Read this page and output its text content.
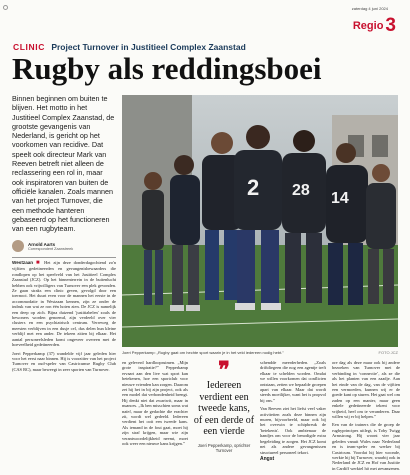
zaterdag 4 juni 2024
Regio 3
CLINIC Project Turnover in Justitieel Complex Zaanstad
Rugby als reddingsboei

Binnen beginnen om buiten te blijven. Het motto in het Justitieel Complex Zaanstad, de grootste gevangenis van Nederland, is gericht op het voorkomen van recidive. Dat speelt ook directeur Mark van Reeven betreft niet alleen de reclassering een rol in, maar ook inspiratoren van buiten de officiële kanalen. Zoals mannen van het project Turnover, die een methode hanteren gebaseerd op het functioneren van een rugbyteam.

Arnold Aarts
Correspondent Zaanstreek
2 28 14
Joeri Pepperkamp: „Rugby gaat om hechte sport waarin je in het veld iedereen nodig hebt."	FOTO JCZ

Westzaan ■ Het zijn deze donderdagochtend zo'n vijftien gedetineerden en gevangenisbewaarders die rondlopen op het speelveld van het Justitieel Complex Zaanstad (JCZ). Op het binnenterrein in de buitenlucht hebben ook vrijwilligers van Turnover een plek gevonden. Ze gaan straks een clinic geven, gevolgd door een toernooi. Het duurt even voor de mannen het eerste in de accommodatie in Westzaan kennen, zijn ze onder de indruk van wat ze ron één hoten zien. De JCZ is namelijk een deep op zich. Bijna duizend 'justitiabelen' zoals de bewoners worden genoemd, zijn verdeeld over vier clusters en een psychiatrisch centrum. Verreweg de meesten verblijven in een dusje cel, dus delen hun kleine verblijf met een ander. De tekeen zitten bij elkaar. Het aantal personeelsleden komt ongeveer overeen met de hoeveelheid gedetineerden.

Joeri Pepperkamp (37) wandelde vijf jaar geleden hier voor het eerst naar binnen. Hij is voorzitter van het project Turnover en oud-speler van Castricumse Rugby Club (CAS RC), maar beweegt in zeer sporten van Turnover.

en geleverd hardloopruimen. „Mijn grote inspiratie?” Pepperkamp ervaart aan den live wat sport kan betekenen, hoe een sportclub voor nieuwe vrienden kan zorgen. Daarom zet hij het in bij zijn project, ook als een model dat verbondenheid brengt. Hij denkt niet dat zwartwit, maar in nuances. „Ik ben misschien soms wat naïef, maar de gedachte die erachter zit, wordt wel gedeeld. Iedereen verdient het ooit een tweede kans. Als iemand in de fout gaat, moet hij zijn straf krijgen, maar wie zijn verantwoordelijkheid neemt, moet ook weer een nieuwe kans krijgen.”

❞
Iedereen verdient een tweede kans, of een derde of een vierde
Joeri Pepperkamp, oprichter Turnover

schendde meerderheden. „Zoals driftdiegeen die nog een agentje treft elkaar te schelden worden. Omdat we willen voorkomen dat conflicten ontstaan, zetten we bepaalde groepen apart van elkaar. Maar dat wordt steeds moeilijker, want het is propvol bij ons.”

Van Reeven ziet het liefst veel vaker activiteiten zoals deze binnen zijn muren, bijvoorbeeld, maar ook bij het overwin te schipbreuk de 'betekenis'. Ook ambtenaar de handjes om voor de benodigde extra begeleiding te zorgen. Het JCZ komt net als andere gevangenissen structureel personeel tekort.

Angst

ore dag als deze maar ook bij andere bezoeken van Turnover met de verbinding in ‘connectie’, als ze die als het planten van een zaadje. Aan het einde van de dag, van de vijftien een vermoeden, kunnen wij er de goede kant op sturen. Het gaat wel om zaden op een manier, maar geen enkele gedetineerde tekent voor vrijheid, heel om te veranderen. Daar willen wij er bij helpen.”

Een van de trainers die de groep de rugbyprincipes uitlegt, is Toby Twigg Armstrong. Hij woont vier jaar geleden vanuit Wales naar Nederland en is team-speler en werker bij Castricum. Voordat hij hier woonde, werkte hij bij Turnover, waarbij ook in Nederland de JCZ en Hof van Justitie in Cardiff werktel hij met gevangenen.
